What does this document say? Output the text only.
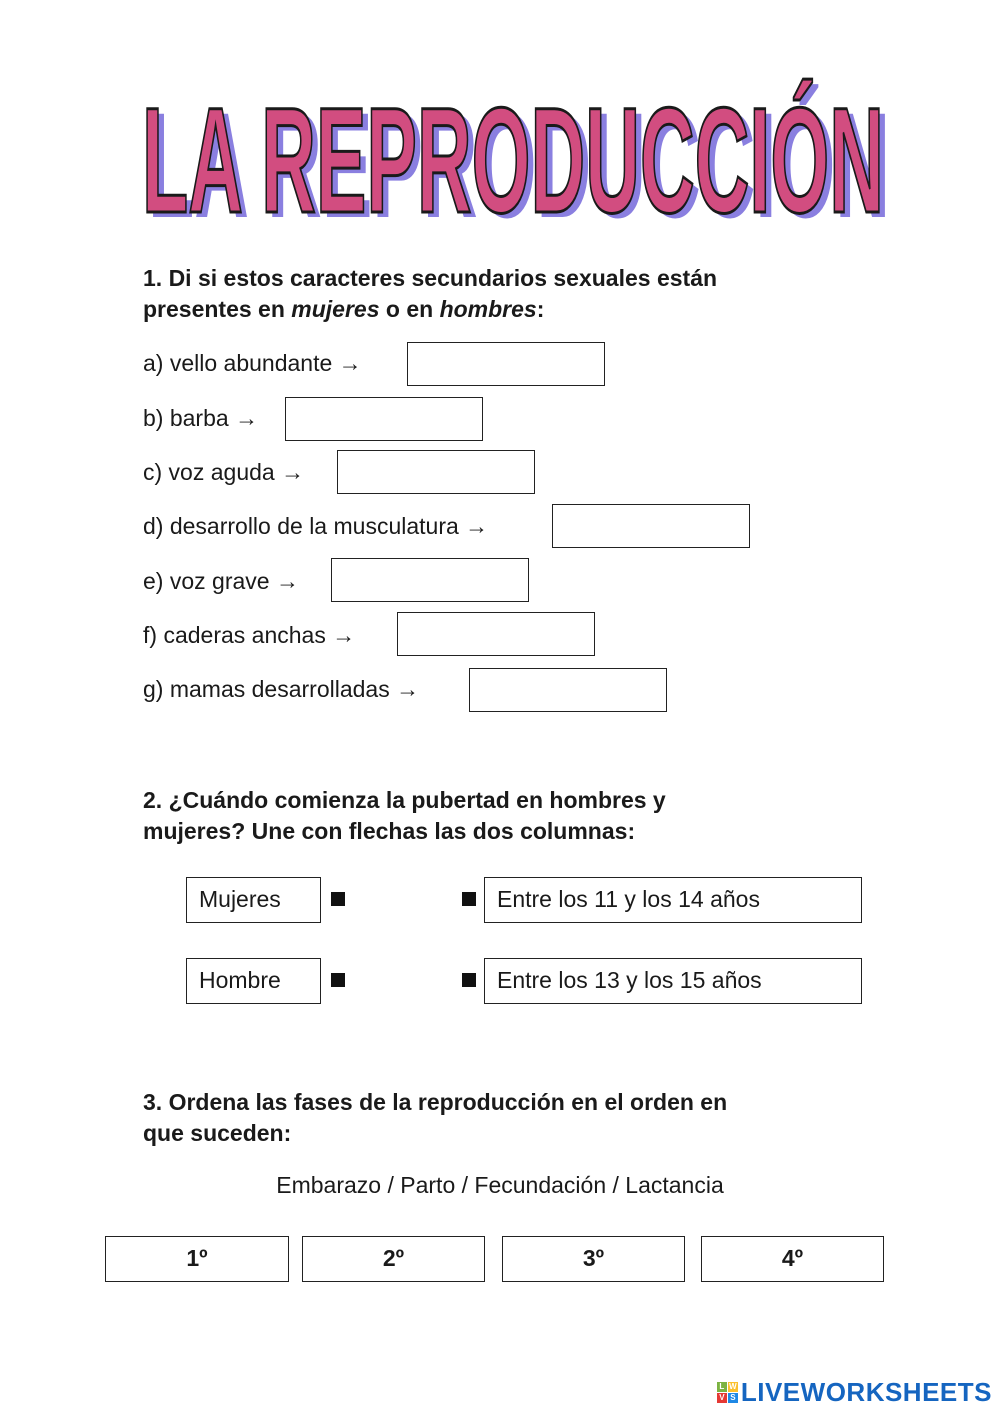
LA REPRODUCCIÓN
LA REPRODUCCIÓN
1. Di si estos caracteres secundarios sexuales están
presentes en mujeres o en hombres:
a) vello abundante →
b) barba →
c) voz aguda →
d) desarrollo de la musculatura →
e) voz grave →
f) caderas anchas →
g) mamas desarrolladas →
2. ¿Cuándo comienza la pubertad en hombres y
mujeres? Une con flechas las dos columnas:
Mujeres	Entre los 11 y los 14 años
Hombre	Entre los 13 y los 15 años
3. Ordena las fases de la reproducción en el orden en
que suceden:
Embarazo / Parto / Fecundación / Lactancia
1º	2º	3º	4º
L W
V S LIVEWORKSHEETS
